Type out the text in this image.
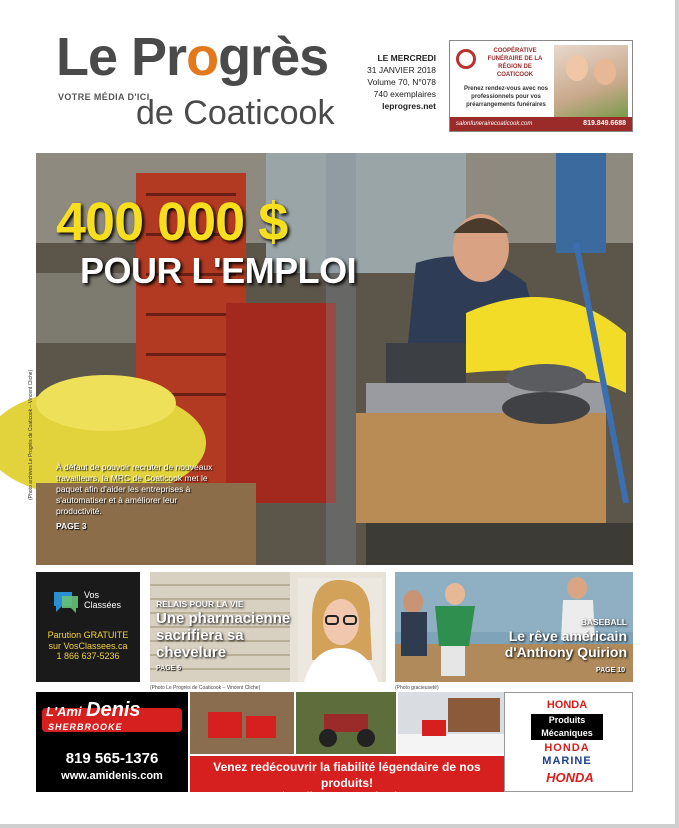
Le Progrès
VOTRE MÉDIA D'ICI
de Coaticook
LE MERCREDI
31 JANVIER 2018
Volume 70, N°078
740 exemplaires
leprogres.net
COOPÉRATIVE FUNÉRAIRE DE LA RÉGION DE COATICOOK
Prenez rendez-vous avec nos professionnels pour vos préarrangements funéraires
819.849.6688
salonfunerairecoaticook.com
400 000 $
POUR L'EMPLOI
À défaut de pouvoir recruter de nouveaux travailleurs, la MRC de Coaticook met le paquet afin d'aider les entreprises à s'automatiser et à améliorer leur productivité.
PAGE 3
(Photo archives Le Progrès de Coaticook – Vincent Cliche)
Vos
Classées
Parution GRATUITE
sur VosClassees.ca
1 866 637-5236
RELAIS POUR LA VIE
Une pharmacienne sacrifiera sa chevelure
PAGE 6
(Photo Le Progrès de Coaticook – Vincent Cliche)
BASEBALL
Le rêve américain d'Anthony Quirion
PAGE 10
(Photo gracieuseté)
L'Ami Denis
SHERBROOKE
819 565-1376
www.amidenis.com
Venez redécouvrir la fiabilité légendaire de nos produits!
Toujours là pour vous... depuis 1978!
HONDA
Produits
Mécaniques
HONDA
MARINE
HONDA
